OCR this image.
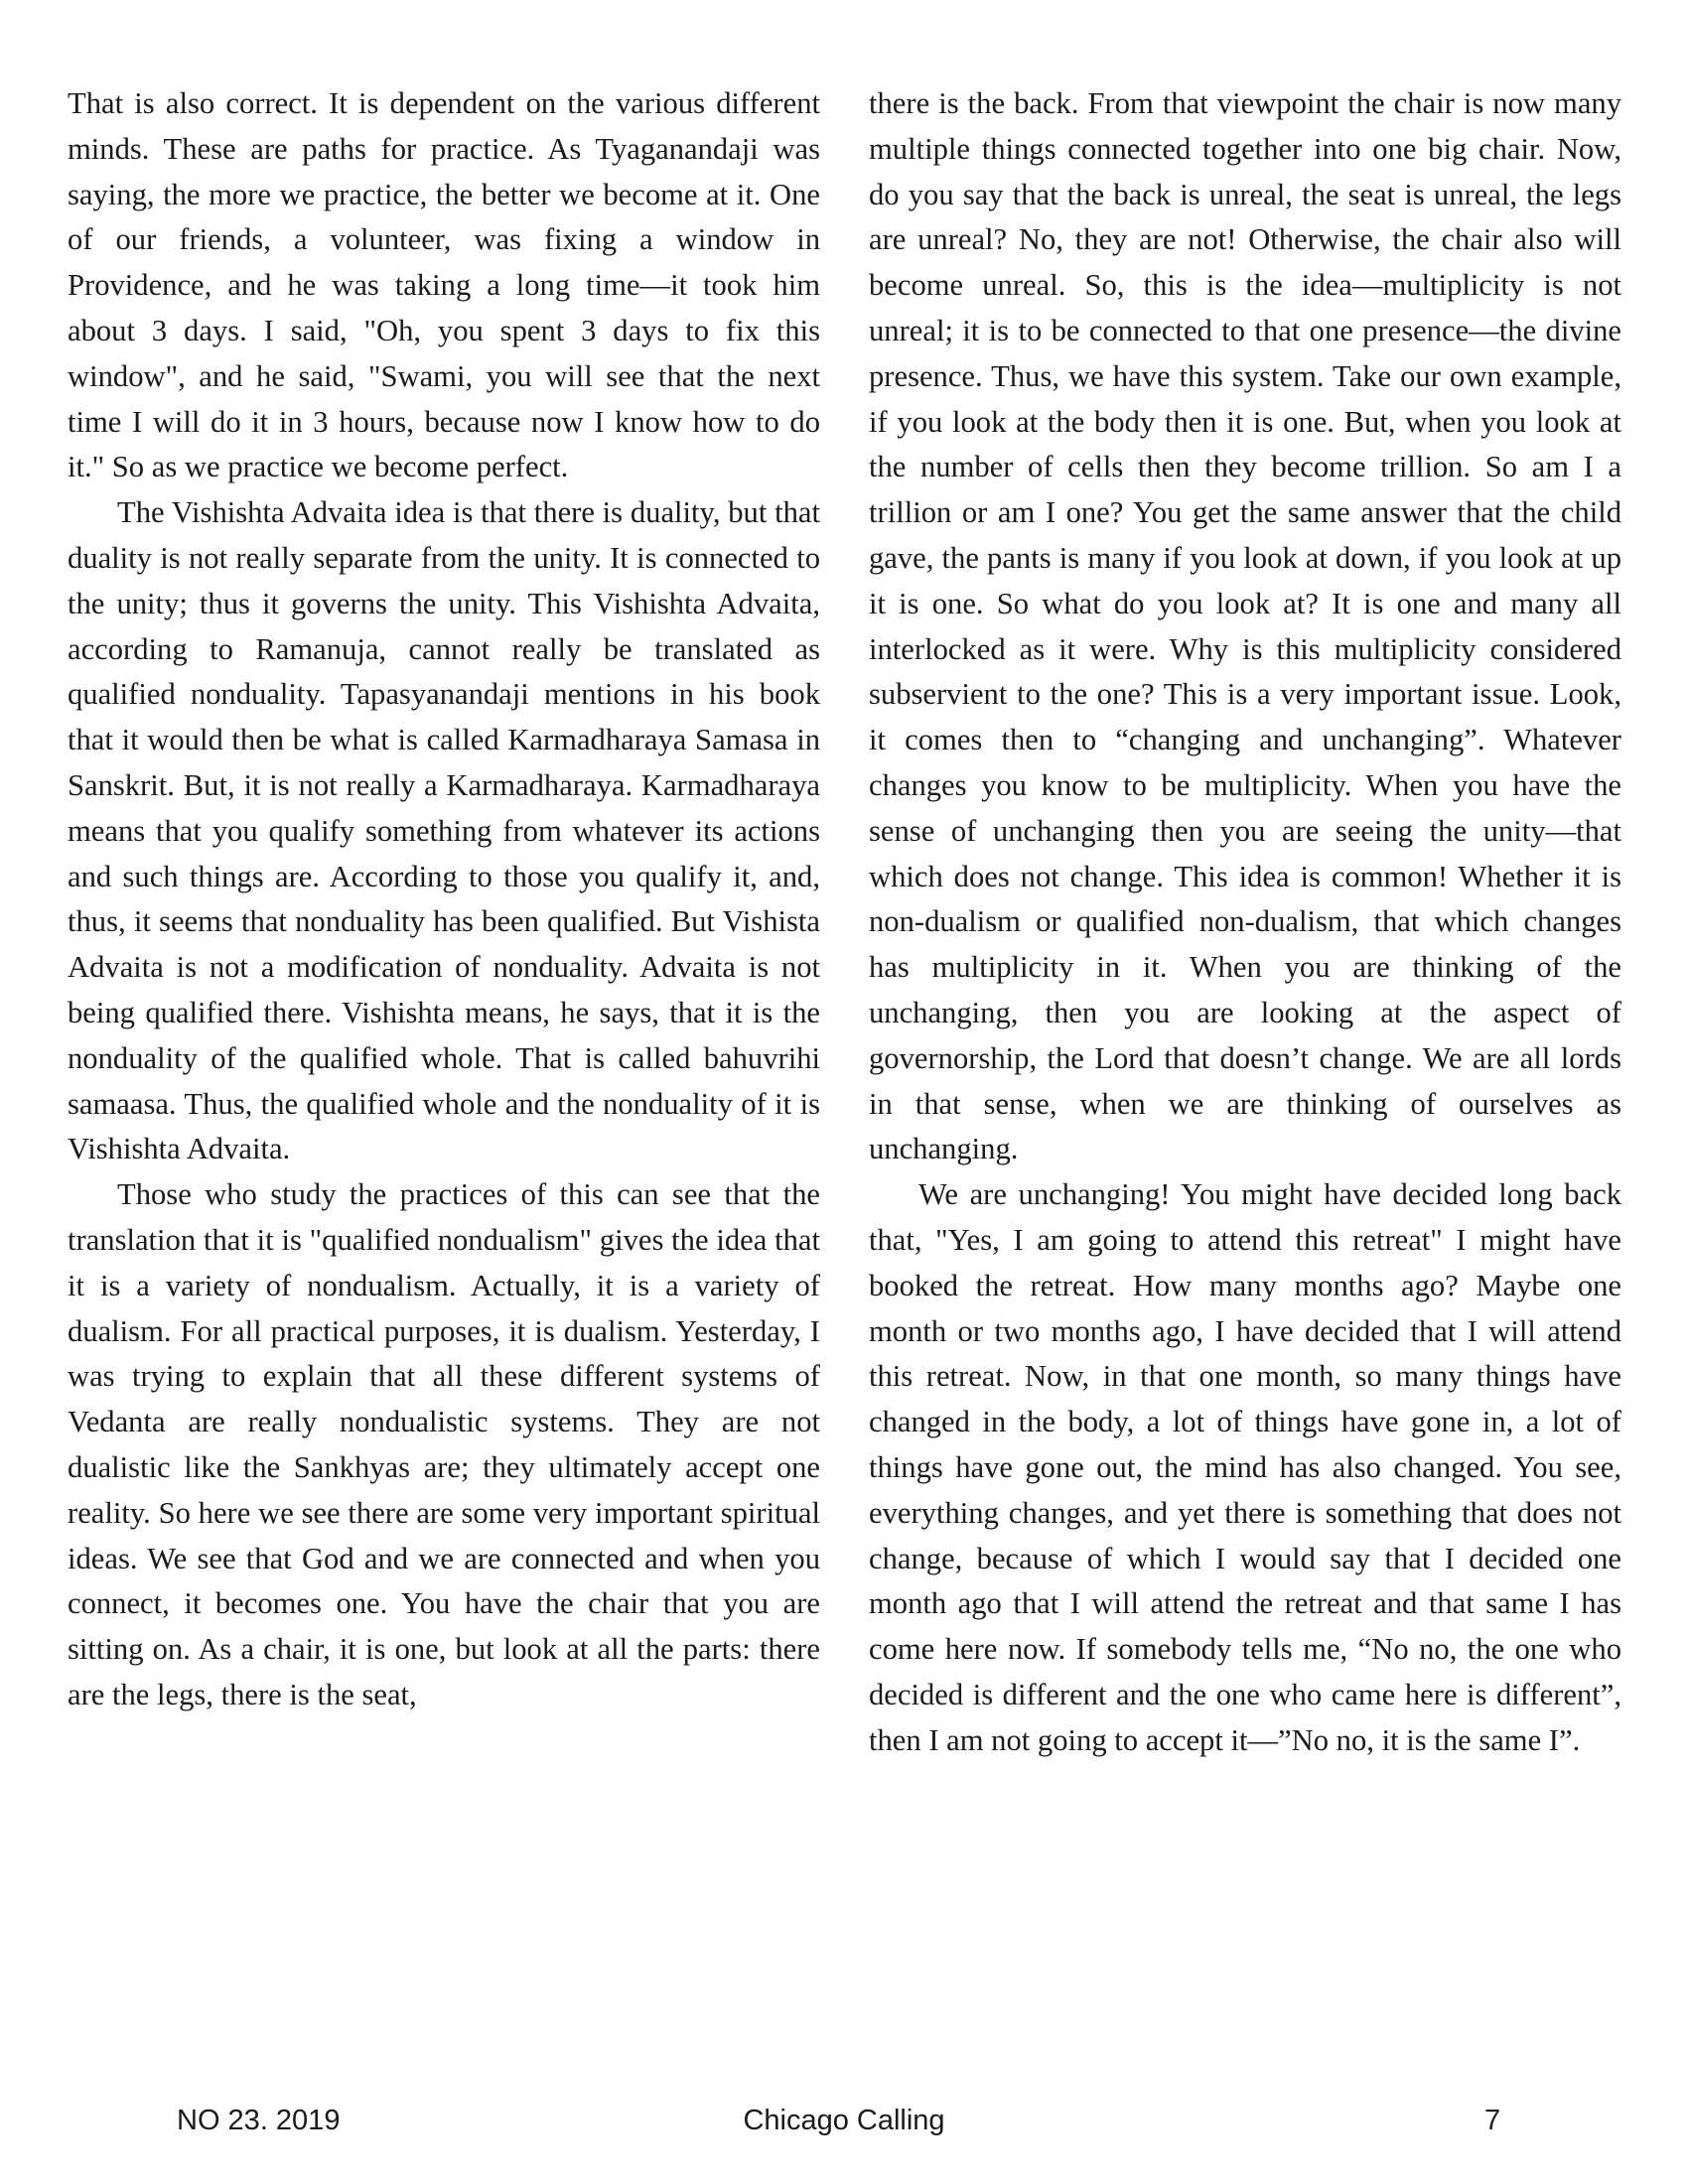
That is also correct. It is dependent on the various different minds. These are paths for practice. As Tyaganandaji was saying, the more we practice, the better we become at it. One of our friends, a volunteer, was fixing a window in Providence, and he was taking a long time—it took him about 3 days. I said, "Oh, you spent 3 days to fix this window", and he said, "Swami, you will see that the next time I will do it in 3 hours, because now I know how to do it." So as we practice we become perfect.

The Vishishta Advaita idea is that there is duality, but that duality is not really separate from the unity. It is connected to the unity; thus it governs the unity. This Vishishta Advaita, according to Ramanuja, cannot really be translated as qualified nonduality. Tapasyanandaji mentions in his book that it would then be what is called Karmadharaya Samasa in Sanskrit. But, it is not really a Karmadharaya. Karmadharaya means that you qualify something from whatever its actions and such things are. According to those you qualify it, and, thus, it seems that nonduality has been qualified. But Vishista Advaita is not a modification of nonduality. Advaita is not being qualified there. Vishishta means, he says, that it is the nonduality of the qualified whole. That is called bahuvrihi samaasa. Thus, the qualified whole and the nonduality of it is Vishishta Advaita.

Those who study the practices of this can see that the translation that it is "qualified nondualism" gives the idea that it is a variety of nondualism. Actually, it is a variety of dualism. For all practical purposes, it is dualism. Yesterday, I was trying to explain that all these different systems of Vedanta are really nondualistic systems. They are not dualistic like the Sankhyas are; they ultimately accept one reality. So here we see there are some very important spiritual ideas. We see that God and we are connected and when you connect, it becomes one. You have the chair that you are sitting on. As a chair, it is one, but look at all the parts: there are the legs, there is the seat,

there is the back. From that viewpoint the chair is now many multiple things connected together into one big chair. Now, do you say that the back is unreal, the seat is unreal, the legs are unreal? No, they are not! Otherwise, the chair also will become unreal. So, this is the idea—multiplicity is not unreal; it is to be connected to that one presence—the divine presence. Thus, we have this system. Take our own example, if you look at the body then it is one. But, when you look at the number of cells then they become trillion. So am I a trillion or am I one? You get the same answer that the child gave, the pants is many if you look at down, if you look at up it is one. So what do you look at? It is one and many all interlocked as it were. Why is this multiplicity considered subservient to the one? This is a very important issue. Look, it comes then to “changing and unchanging”. Whatever changes you know to be multiplicity. When you have the sense of unchanging then you are seeing the unity—that which does not change. This idea is common! Whether it is non-dualism or qualified non-dualism, that which changes has multiplicity in it. When you are thinking of the unchanging, then you are looking at the aspect of governorship, the Lord that doesn’t change. We are all lords in that sense, when we are thinking of ourselves as unchanging.

We are unchanging! You might have decided long back that, "Yes, I am going to attend this retreat" I might have booked the retreat. How many months ago? Maybe one month or two months ago, I have decided that I will attend this retreat. Now, in that one month, so many things have changed in the body, a lot of things have gone in, a lot of things have gone out, the mind has also changed. You see, everything changes, and yet there is something that does not change, because of which I would say that I decided one month ago that I will attend the retreat and that same I has come here now. If somebody tells me, “No no, the one who decided is different and the one who came here is different”, then I am not going to accept it—”No no, it is the same I”.

NO 23. 2019	Chicago Calling	7
